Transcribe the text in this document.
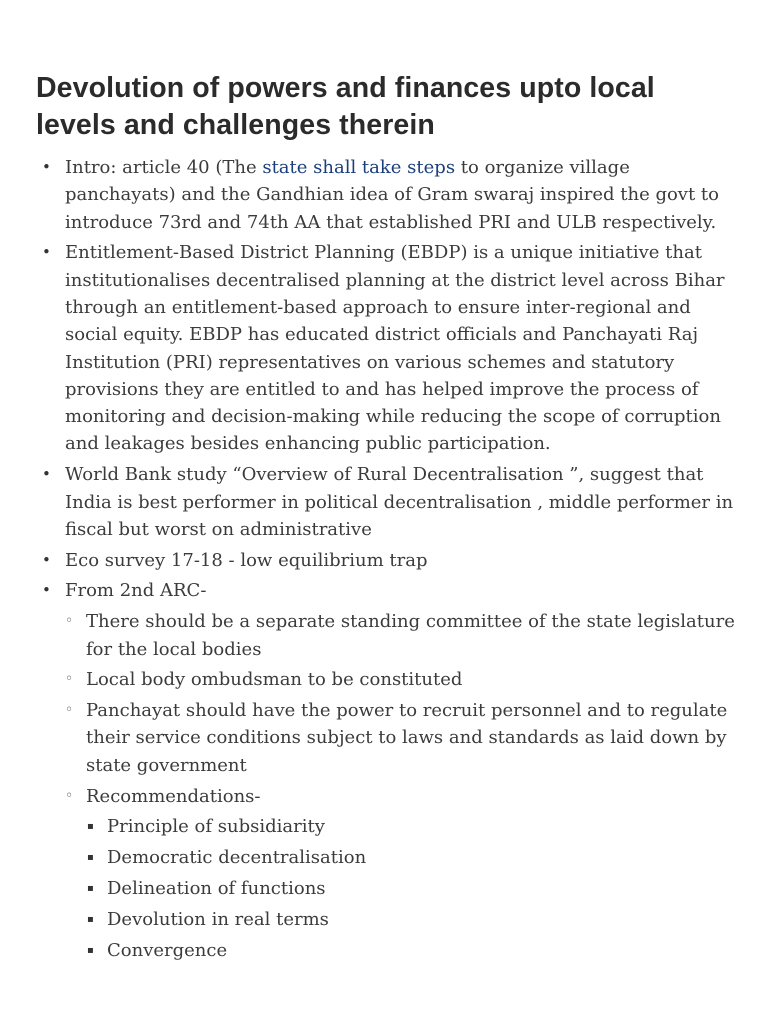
Devolution of powers and finances upto local levels and challenges therein
• Intro: article 40 (The state shall take steps to organize village panchayats) and the Gandhian idea of Gram swaraj inspired the govt to introduce 73rd and 74th AA that established PRI and ULB respectively.
• Entitlement-Based District Planning (EBDP) is a unique initiative that institutionalises decentralised planning at the district level across Bihar through an entitlement-based approach to ensure inter-regional and social equity. EBDP has educated district officials and Panchayati Raj Institution (PRI) representatives on various schemes and statutory provisions they are entitled to and has helped improve the process of monitoring and decision-making while reducing the scope of corruption and leakages besides enhancing public participation.
• World Bank study “Overview of Rural Decentralisation ”, suggest that India is best performer in political decentralisation , middle performer in fiscal but worst on administrative
• Eco survey 17-18 - low equilibrium trap
• From 2nd ARC-
◦ There should be a separate standing committee of the state legislature for the local bodies
◦ Local body ombudsman to be constituted
◦ Panchayat should have the power to recruit personnel and to regulate their service conditions subject to laws and standards as laid down by state government
◦ Recommendations-
▪ Principle of subsidiarity
▪ Democratic decentralisation
▪ Delineation of functions
▪ Devolution in real terms
▪ Convergence
